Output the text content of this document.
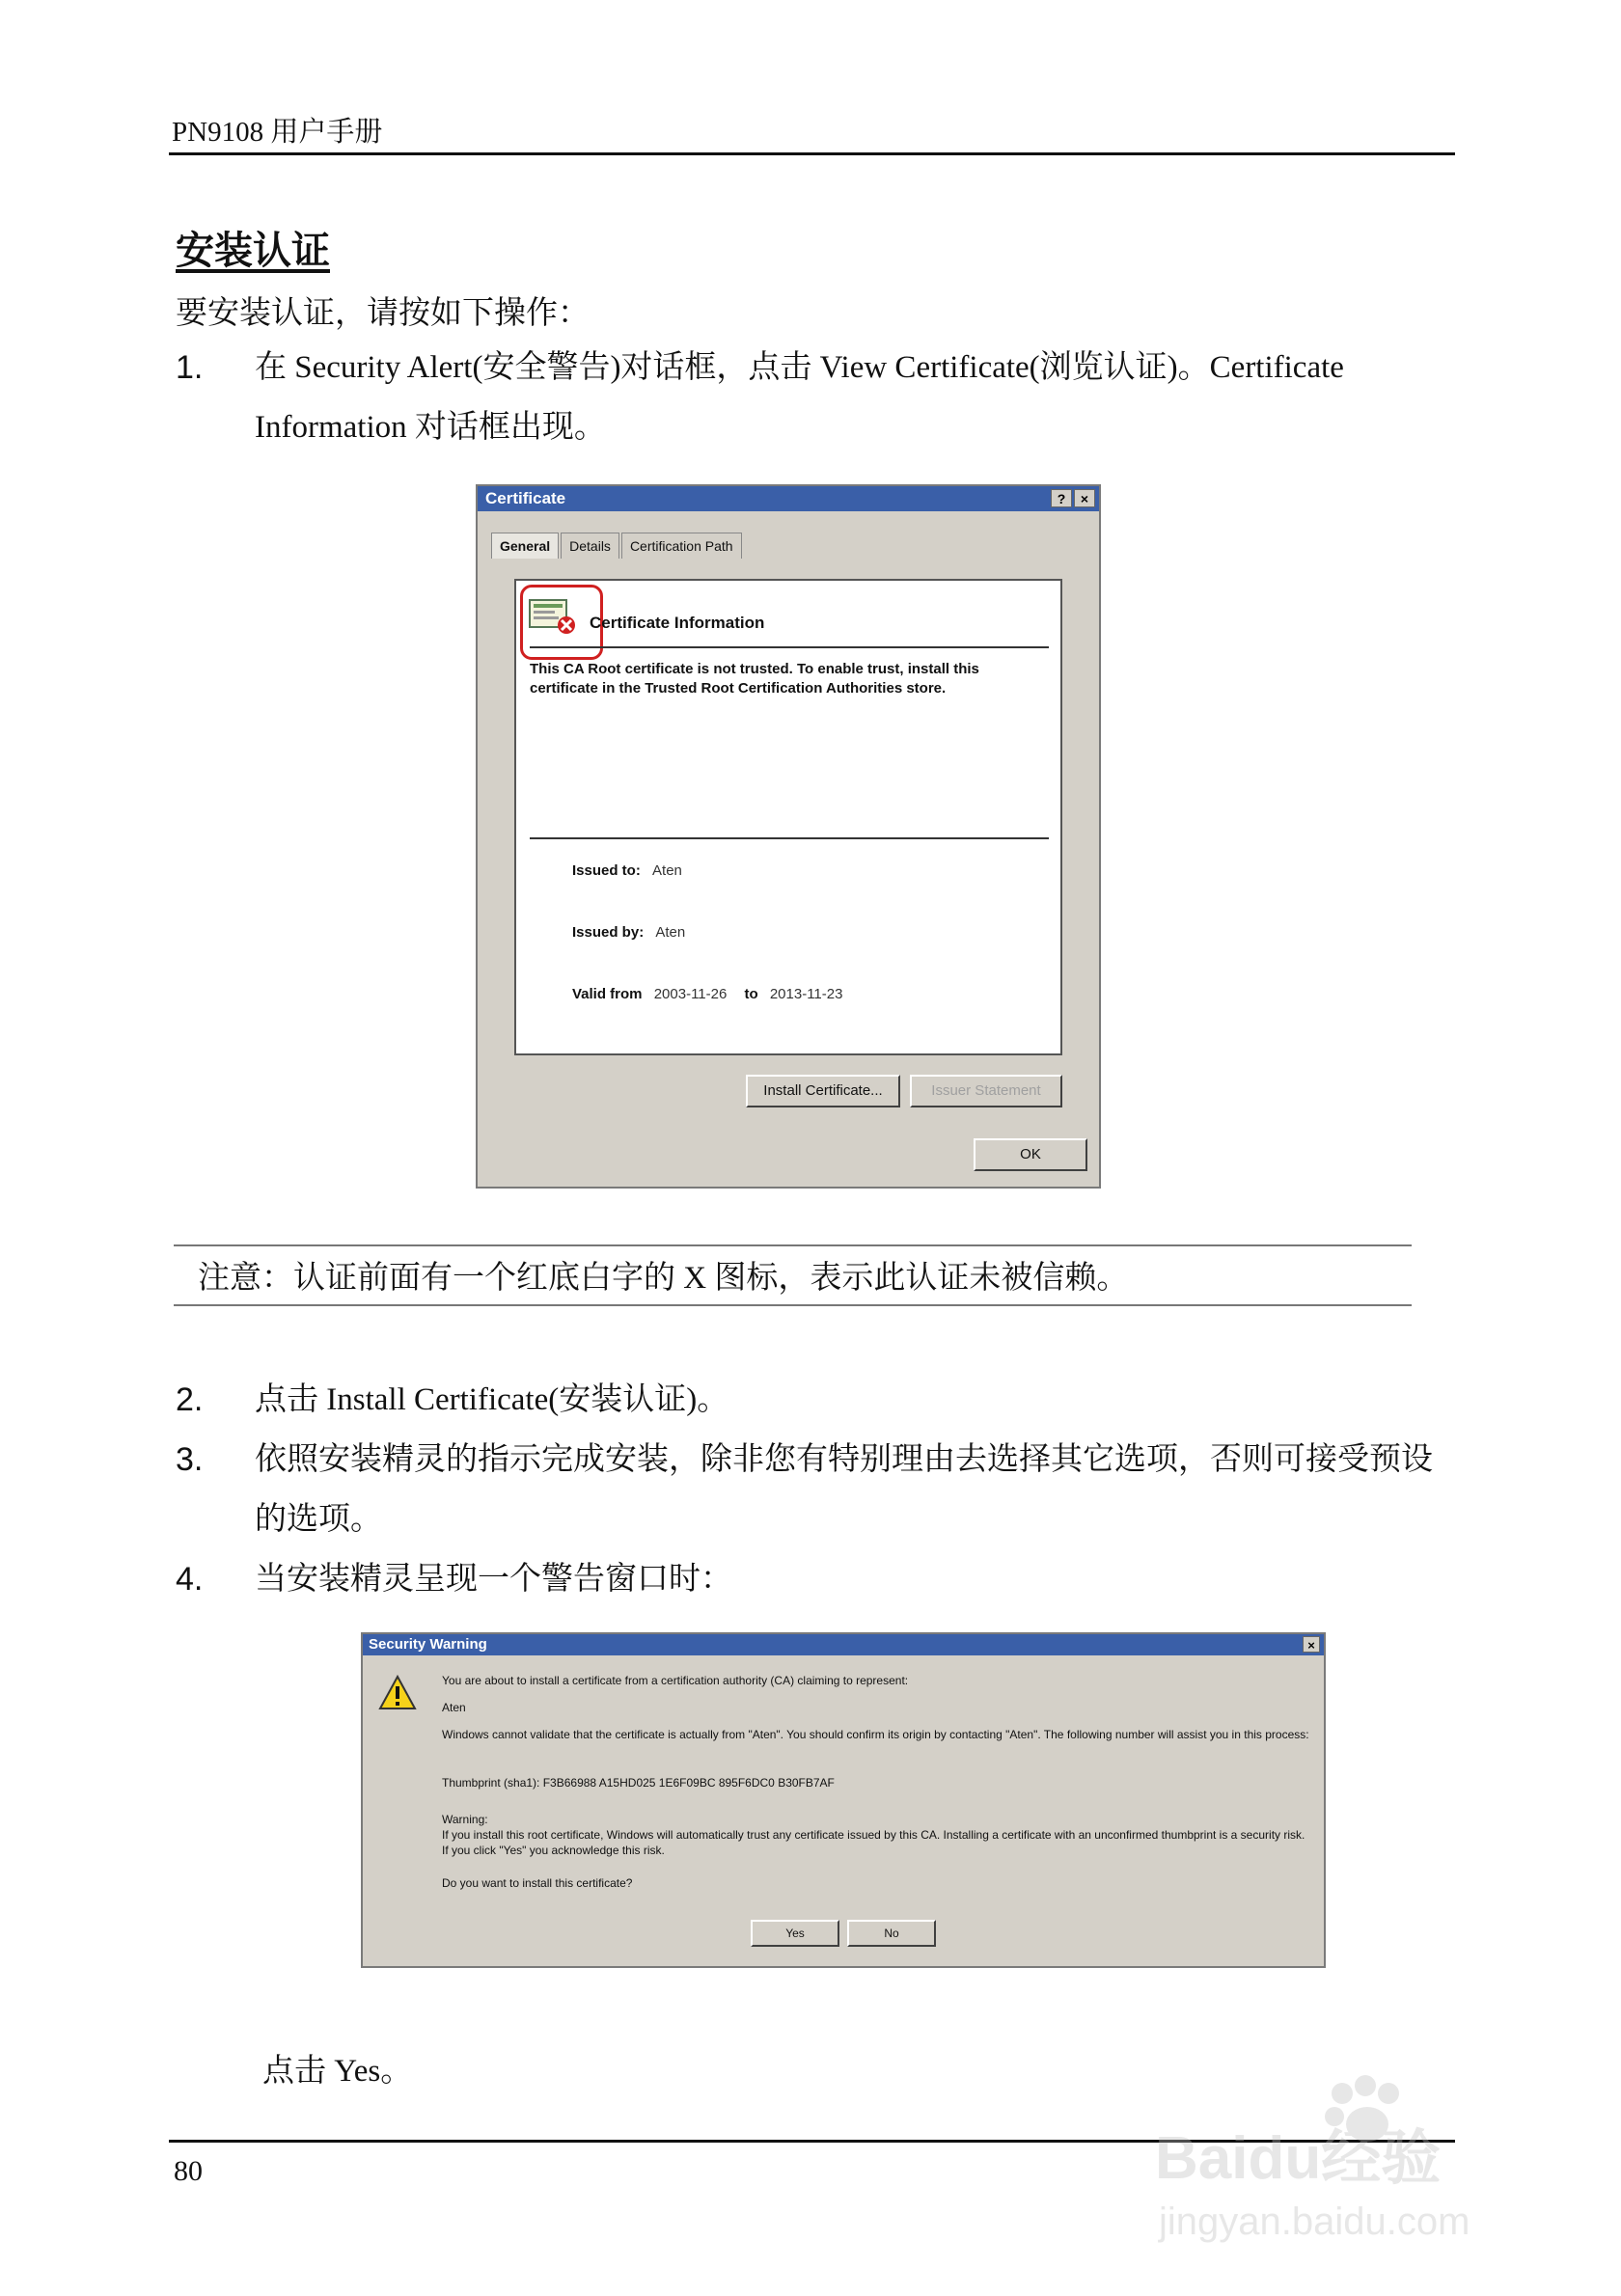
PN9108 用户手册
安装认证
要安装认证，请按如下操作：
1. 在 Security Alert(安全警告)对话框，点击 View Certificate(浏览认证)。Certificate Information 对话框出现。
Certificate	?	×
General	Details	Certification Path
Certificate Information
This CA Root certificate is not trusted. To enable trust, install this certificate in the Trusted Root Certification Authorities store.
Issued to: Aten
Issued by: Aten
Valid from 2003-11-26 to 2013-11-23
Install Certificate...	Issuer Statement
OK
注意：认证前面有一个红底白字的 X 图标，表示此认证未被信赖。
2. 点击 Install Certificate(安装认证)。
3. 依照安装精灵的指示完成安装，除非您有特别理由去选择其它选项，否则可接受预设的选项。
4. 当安装精灵呈现一个警告窗口时：
Security Warning	×
You are about to install a certificate from a certification authority (CA) claiming to represent:
Aten
Windows cannot validate that the certificate is actually from "Aten". You should confirm its origin by contacting "Aten". The following number will assist you in this process:
Thumbprint (sha1): F3B66988 A15HD025 1E6F09BC 895F6DC0 B30FB7AF
Warning:
If you install this root certificate, Windows will automatically trust any certificate issued by this CA. Installing a certificate with an unconfirmed thumbprint is a security risk. If you click "Yes" you acknowledge this risk.
Do you want to install this certificate?
Yes	No
点击 Yes。
80	Baidu经验
jingyan.baidu.com
